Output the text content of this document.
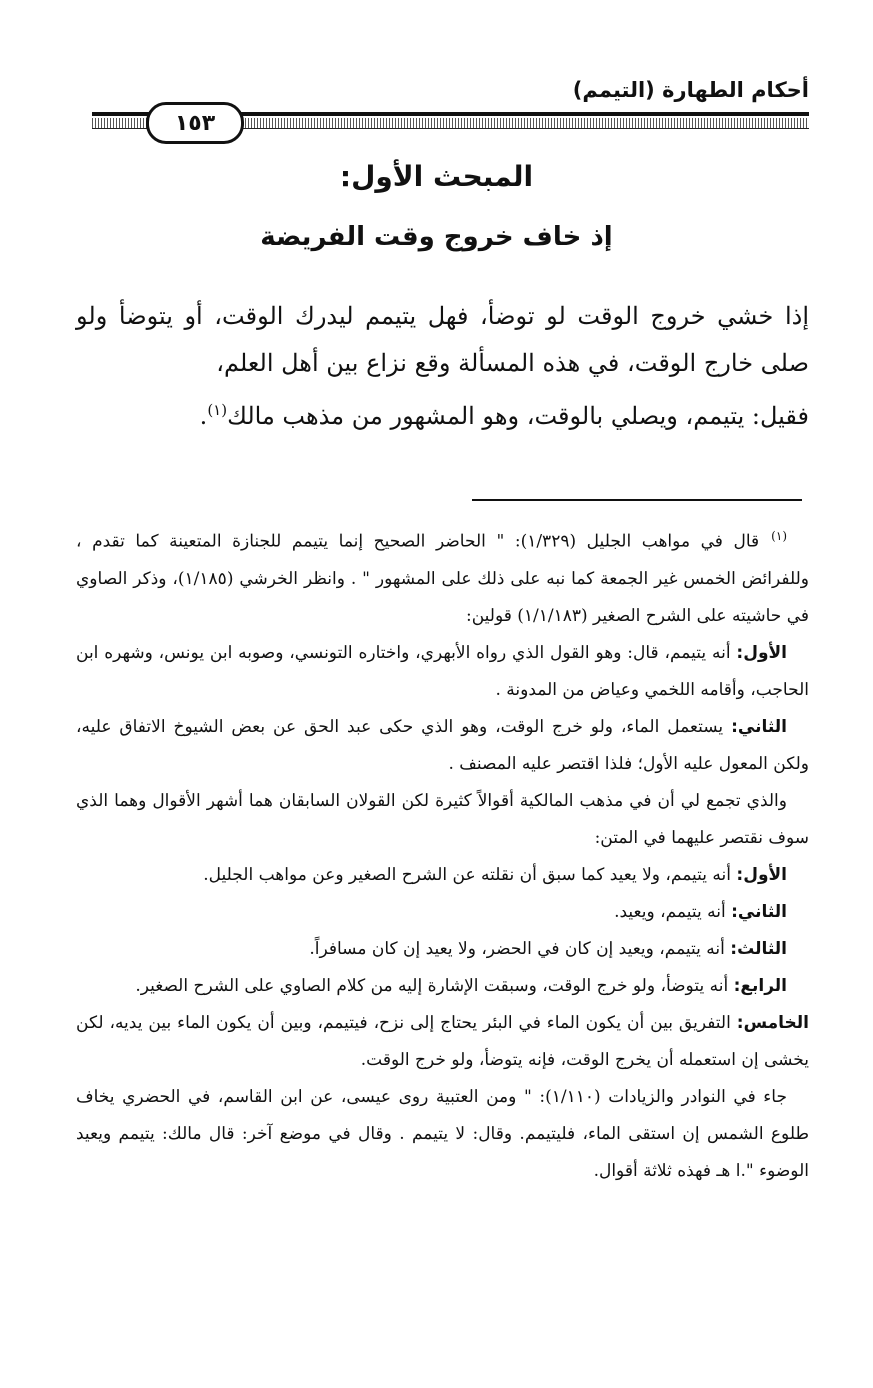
أحكام الطهارة (التيمم)
١٥٣
المبحث الأول:
إذ خاف خروج وقت الفريضة

إذا خشي خروج الوقت لو توضأ، فهل يتيمم ليدرك الوقت، أو يتوضأ ولو صلى خارج الوقت، في هذه المسألة وقع نزاع بين أهل العلم،

فقيل: يتيمم، ويصلي بالوقت، وهو المشهور من مذهب مالك$^{(١)}$.

$^{(١)}$قال في مواهب الجليل (١/٣٢٩): " الحاضر الصحيح إنما يتيمم للجنازة المتعينة كما تقدم ، وللفرائض الخمس غير الجمعة كما نبه على ذلك على المشهور " . وانظر الخرشي (١/١٨٥)، وذكر الصاوي في حاشيته على الشرح الصغير (١/١/١٨٣) قولين:

الأول: أنه يتيمم، قال: وهو القول الذي رواه الأبهري، واختاره التونسي، وصوبه ابن يونس، وشهره ابن الحاجب، وأقامه اللخمي وعياض من المدونة .

الثاني: يستعمل الماء، ولو خرج الوقت، وهو الذي حكى عبد الحق عن بعض الشيوخ الاتفاق عليه، ولكن المعول عليه الأول؛ فلذا اقتصر عليه المصنف .

والذي تجمع لي أن في مذهب المالكية أقوالاً كثيرة لكن القولان السابقان هما أشهر الأقوال وهما الذي سوف نقتصر عليهما في المتن:

الأول: أنه يتيمم، ولا يعيد كما سبق أن نقلته عن الشرح الصغير وعن مواهب الجليل.

الثاني: أنه يتيمم، ويعيد.

الثالث: أنه يتيمم، ويعيد إن كان في الحضر، ولا يعيد إن كان مسافراً.

الرابع: أنه يتوضأ، ولو خرج الوقت، وسبقت الإشارة إليه من كلام الصاوي على الشرح الصغير.

الخامس: التفريق بين أن يكون الماء في البئر يحتاج إلى نزح، فيتيمم، وبين أن يكون الماء بين يديه، لكن يخشى إن استعمله أن يخرج الوقت، فإنه يتوضأ، ولو خرج الوقت.

جاء في النوادر والزيادات (١/١١٠): " ومن العتبية روى عيسى، عن ابن القاسم، في الحضري يخاف طلوع الشمس إن استقى الماء، فليتيمم. وقال: لا يتيمم . وقال في موضع آخر: قال مالك: يتيمم ويعيد الوضوء ".ا هـ فهذه ثلاثة أقوال.
